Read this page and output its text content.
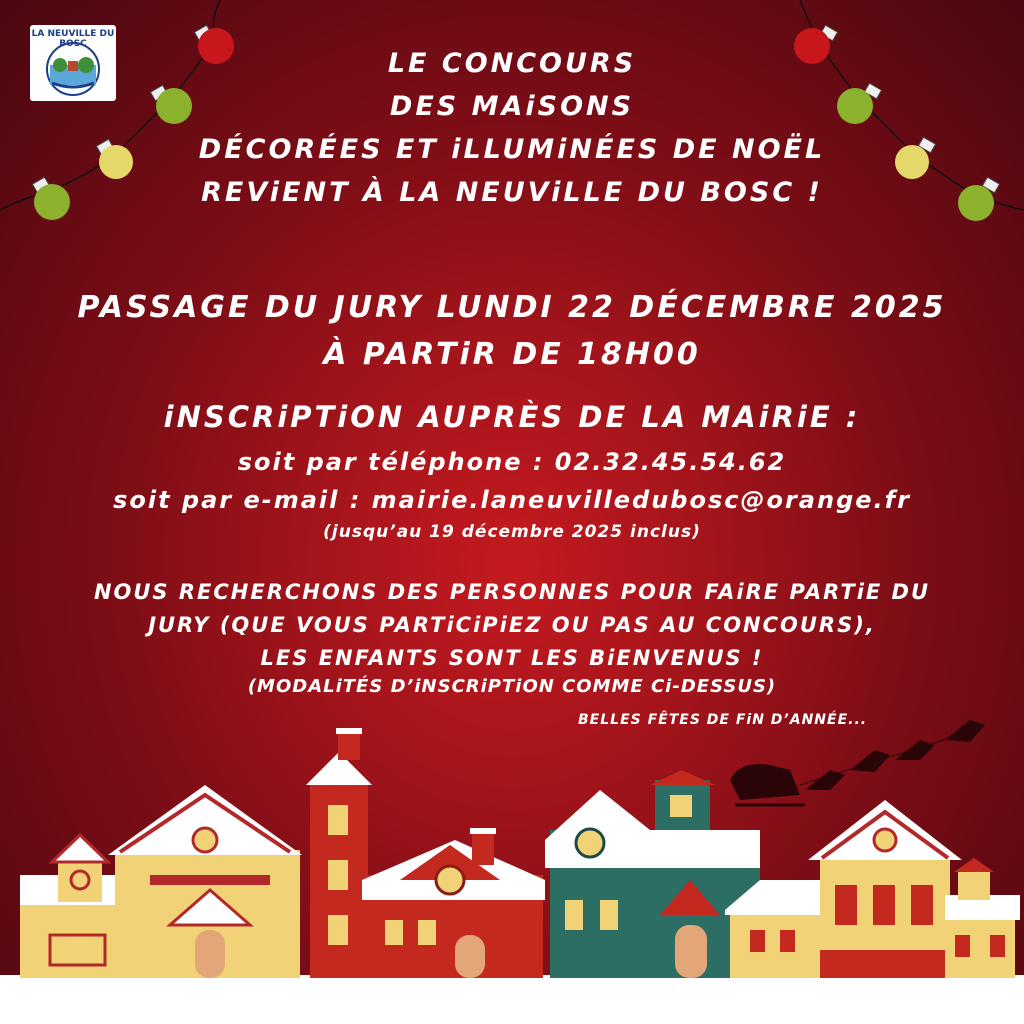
LA NEUVILLE DU BOSC
LE CONCOURS
DES MAiSONS
DÉCORÉES ET iLLUMiNÉES DE NOËL
REViENT À LA NEUViLLE DU BOSC !
PASSAGE DU JURY LUNDI 22 DÉCEMBRE 2025
À PARTiR DE 18H00
iNSCRiPTiON AUPRÈS DE LA MAiRiE :
soit par téléphone : 02.32.45.54.62
soit par e-mail : mairie.laneuvilledubosc@orange.fr
(jusqu’au 19 décembre 2025 inclus)
NOUS RECHERCHONS DES PERSONNES POUR FAiRE PARTiE DU
JURY (QUE VOUS PARTiCiPiEZ OU PAS AU CONCOURS),
LES ENFANTS SONT LES BiENVENUS !
(MODALiTÉS D’iNSCRiPTiON COMME Ci-DESSUS)
BELLES FÊTES DE FiN D’ANNÉE...
